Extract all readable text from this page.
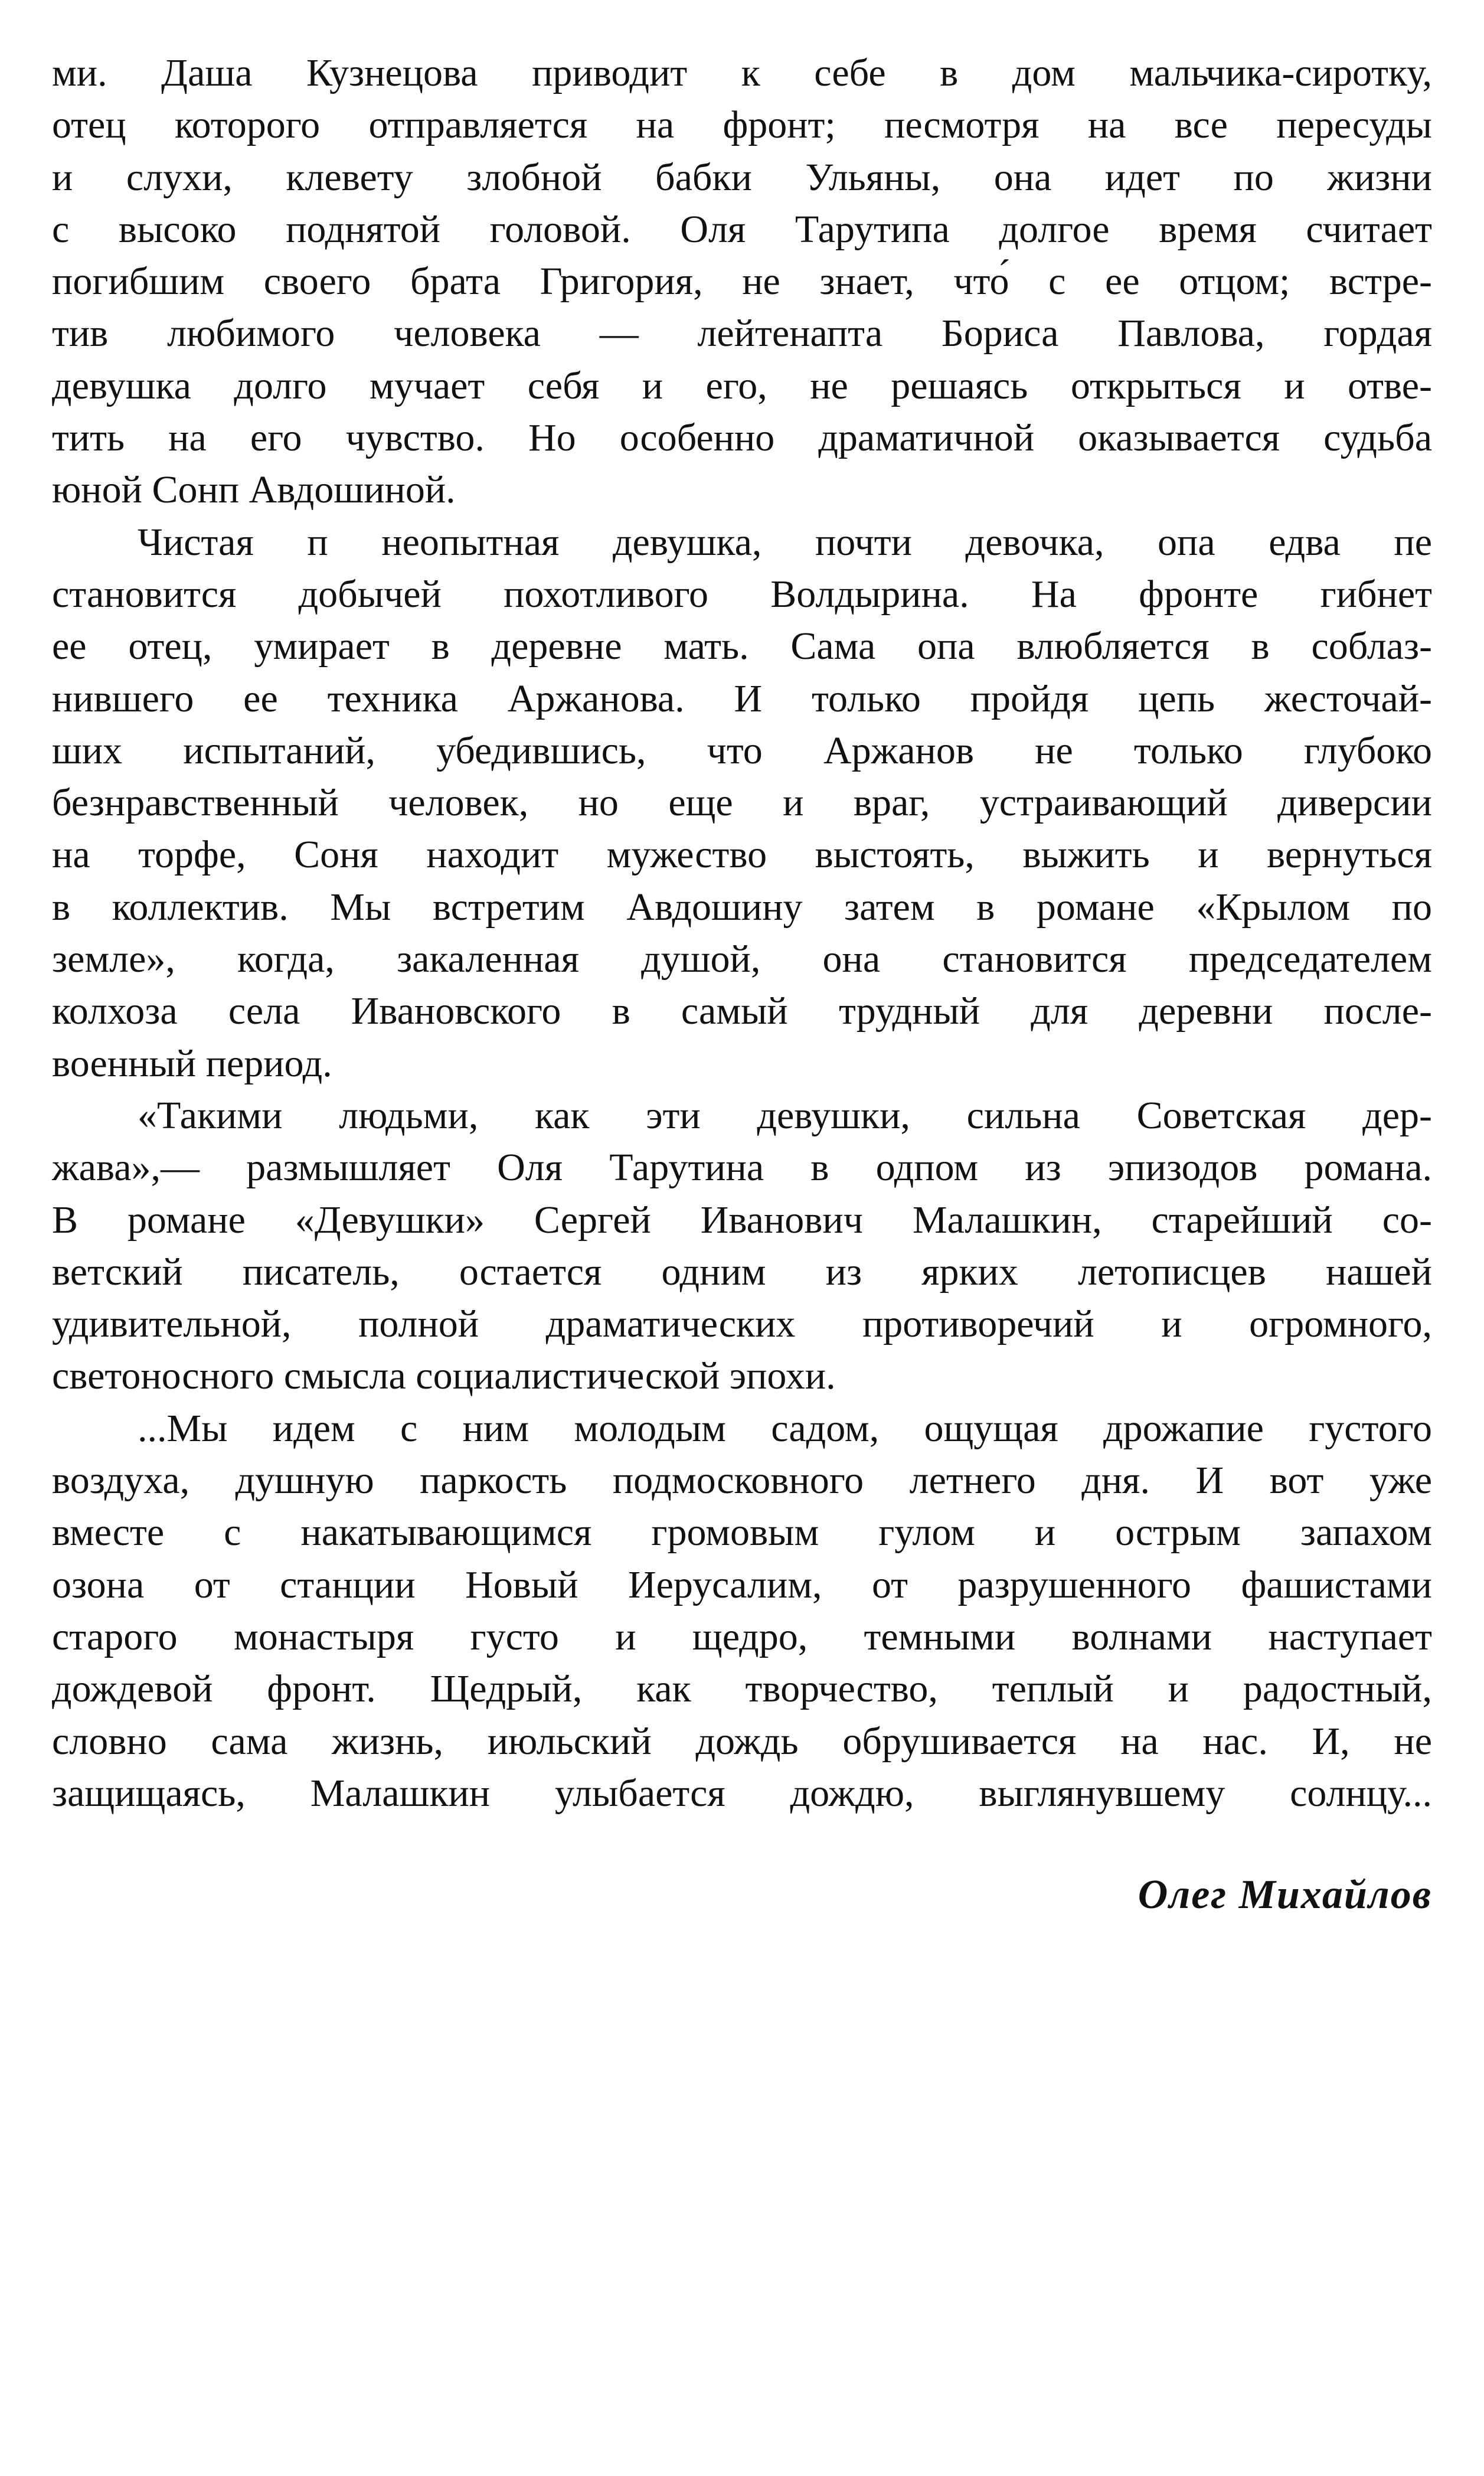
ми. Даша Кузнецова приводит к себе в дом мальчика-сиротку,
отец которого отправляется на фронт; песмотря на все пересуды
и слухи, клевету злобной бабки Ульяны, она идет по жизни
с высоко поднятой головой. Оля Тарутипа долгое время считает
погибшим своего брата Григория, не знает, что́ с ее отцом; встре-
тив любимого человека — лейтенапта Бориса Павлова, гордая
девушка долго мучает себя и его, не решаясь открыться и отве-
тить на его чувство. Но особенно драматичной оказывается судьба
юной Сонп Авдошиной.
Чистая п неопытная девушка, почти девочка, опа едва пе
становится добычей похотливого Волдырина. На фронте гибнет
ее отец, умирает в деревне мать. Сама опа влюбляется в соблаз-
нившего ее техника Аржанова. И только пройдя цепь жесточай-
ших испытаний, убедившись, что Аржанов не только глубоко
безнравственный человек, но еще и враг, устраивающий диверсии
на торфе, Соня находит мужество выстоять, выжить и вернуться
в коллектив. Мы встретим Авдошину затем в романе «Крылом по
земле», когда, закаленная душой, она становится председателем
колхоза села Ивановского в самый трудный для деревни после-
военный период.
«Такими людьми, как эти девушки, сильна Советская дер-
жава»,— размышляет Оля Тарутина в одпом из эпизодов романа.
В романе «Девушки» Сергей Иванович Малашкин, старейший со-
ветский писатель, остается одним из ярких летописцев нашей
удивительной, полной драматических противоречий и огромного,
светоносного смысла социалистической эпохи.
...Мы идем с ним молодым садом, ощущая дрожапие густого
воздуха, душную паркость подмосковного летнего дня. И вот уже
вместе с накатывающимся громовым гулом и острым запахом
озона от станции Новый Иерусалим, от разрушенного фашистами
старого монастыря густо и щедро, темными волнами наступает
дождевой фронт. Щедрый, как творчество, теплый и радостный,
словно сама жизнь, июльский дождь обрушивается на нас. И, не
защищаясь, Малашкин улыбается дождю, выглянувшему солнцу...
Олег Михайлов
